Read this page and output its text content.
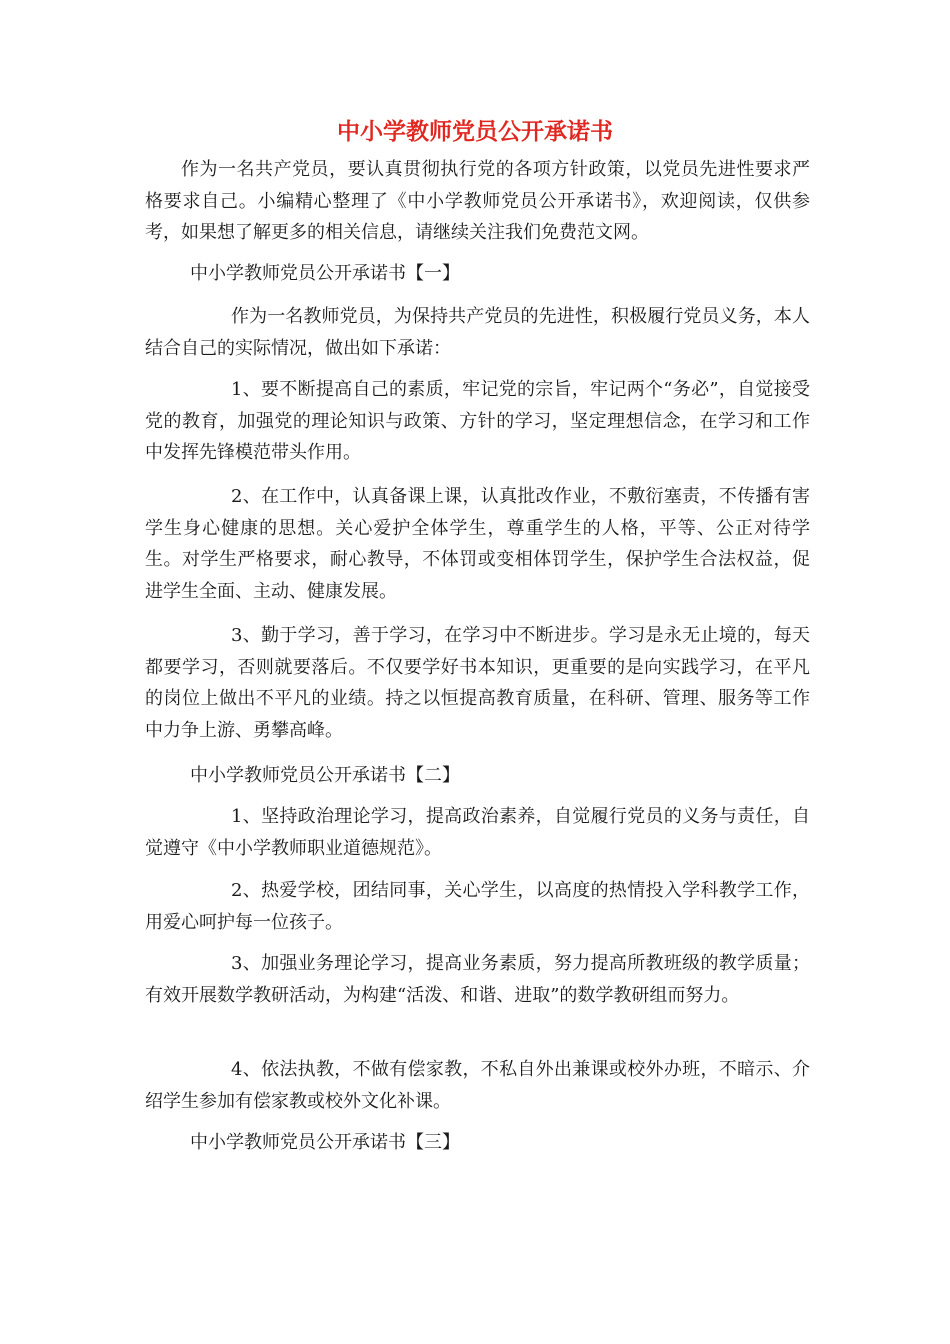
中小学教师党员公开承诺书

作为一名共产党员，要认真贯彻执行党的各项方针政策，以党员先进性要求严格要求自己。小编精心整理了《中小学教师党员公开承诺书》，欢迎阅读，仅供参考，如果想了解更多的相关信息，请继续关注我们免费范文网。

中小学教师党员公开承诺书【一】

作为一名教师党员，为保持共产党员的先进性，积极履行党员义务，本人结合自己的实际情况，做出如下承诺：

1、要不断提高自己的素质，牢记党的宗旨，牢记两个“务必”，自觉接受党的教育，加强党的理论知识与政策、方针的学习，坚定理想信念，在学习和工作中发挥先锋模范带头作用。

2、在工作中，认真备课上课，认真批改作业，不敷衍塞责，不传播有害学生身心健康的思想。关心爱护全体学生，尊重学生的人格，平等、公正对待学生。对学生严格要求，耐心教导，不体罚或变相体罚学生，保护学生合法权益，促进学生全面、主动、健康发展。

3、勤于学习，善于学习，在学习中不断进步。学习是永无止境的，每天都要学习，否则就要落后。不仅要学好书本知识，更重要的是向实践学习，在平凡的岗位上做出不平凡的业绩。持之以恒提高教育质量，在科研、管理、服务等工作中力争上游、勇攀高峰。

中小学教师党员公开承诺书【二】

1、坚持政治理论学习，提高政治素养，自觉履行党员的义务与责任，自觉遵守《中小学教师职业道德规范》。

2、热爱学校，团结同事，关心学生，以高度的热情投入学科教学工作，用爱心呵护每一位孩子。

3、加强业务理论学习，提高业务素质，努力提高所教班级的教学质量；有效开展数学教研活动，为构建“活泼、和谐、进取”的数学教研组而努力。

4、依法执教，不做有偿家教，不私自外出兼课或校外办班，不暗示、介绍学生参加有偿家教或校外文化补课。

中小学教师党员公开承诺书【三】
